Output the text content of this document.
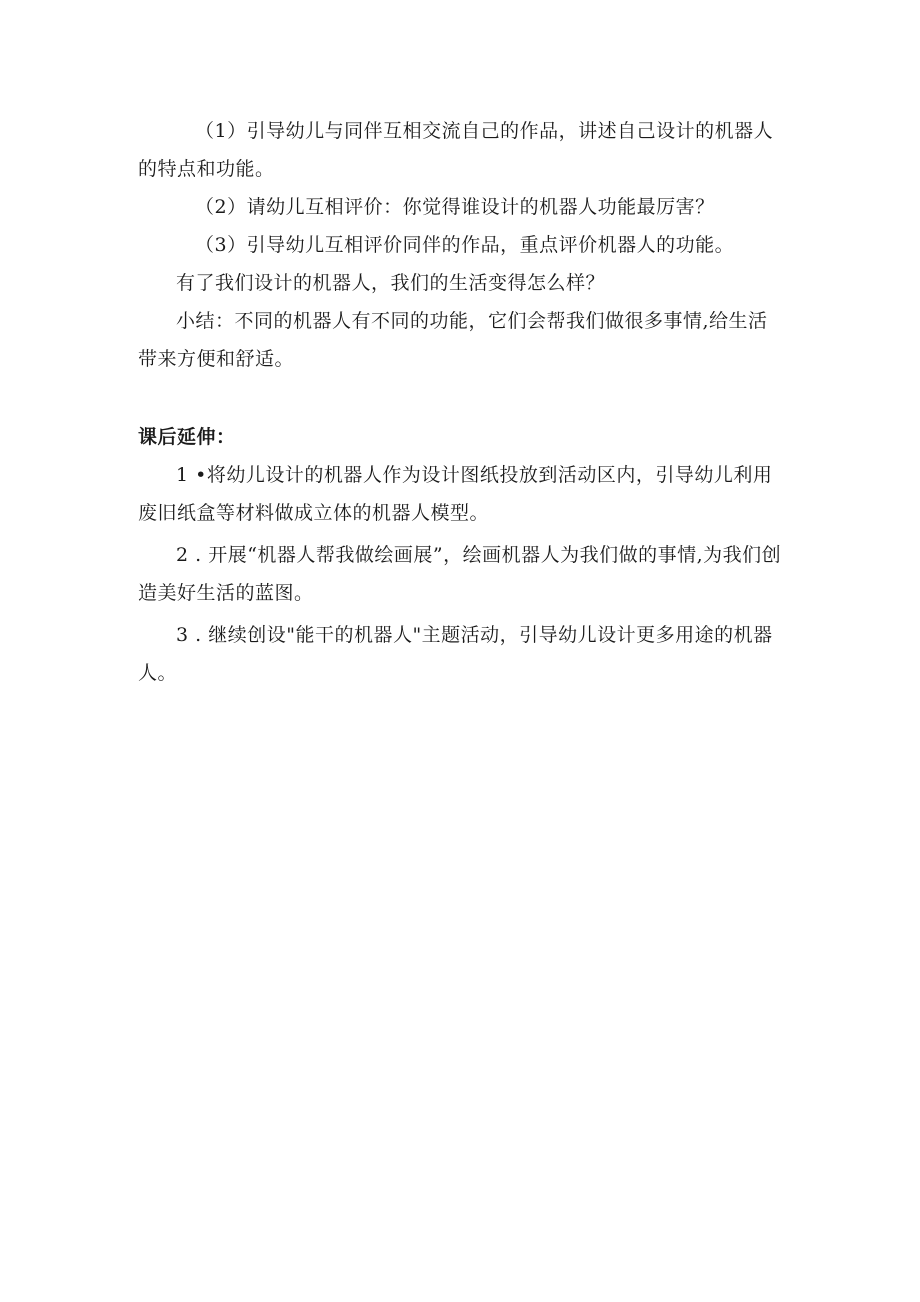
（1）引导幼儿与同伴互相交流自己的作品，讲述自己设计的机器人的特点和功能。

（2）请幼儿互相评价：你觉得谁设计的机器人功能最厉害？

（3）引导幼儿互相评价同伴的作品，重点评价机器人的功能。

有了我们设计的机器人，我们的生活变得怎么样？

小结：不同的机器人有不同的功能，它们会帮我们做很多事情,给生活带来方便和舒适。

课后延伸：

1 •将幼儿设计的机器人作为设计图纸投放到活动区内，引导幼儿利用废旧纸盒等材料做成立体的机器人模型。

2 . 开展“机器人帮我做绘画展”，绘画机器人为我们做的事情,为我们创造美好生活的蓝图。

3 . 继续创设"能干的机器人"主题活动，引导幼儿设计更多用途的机器人。
